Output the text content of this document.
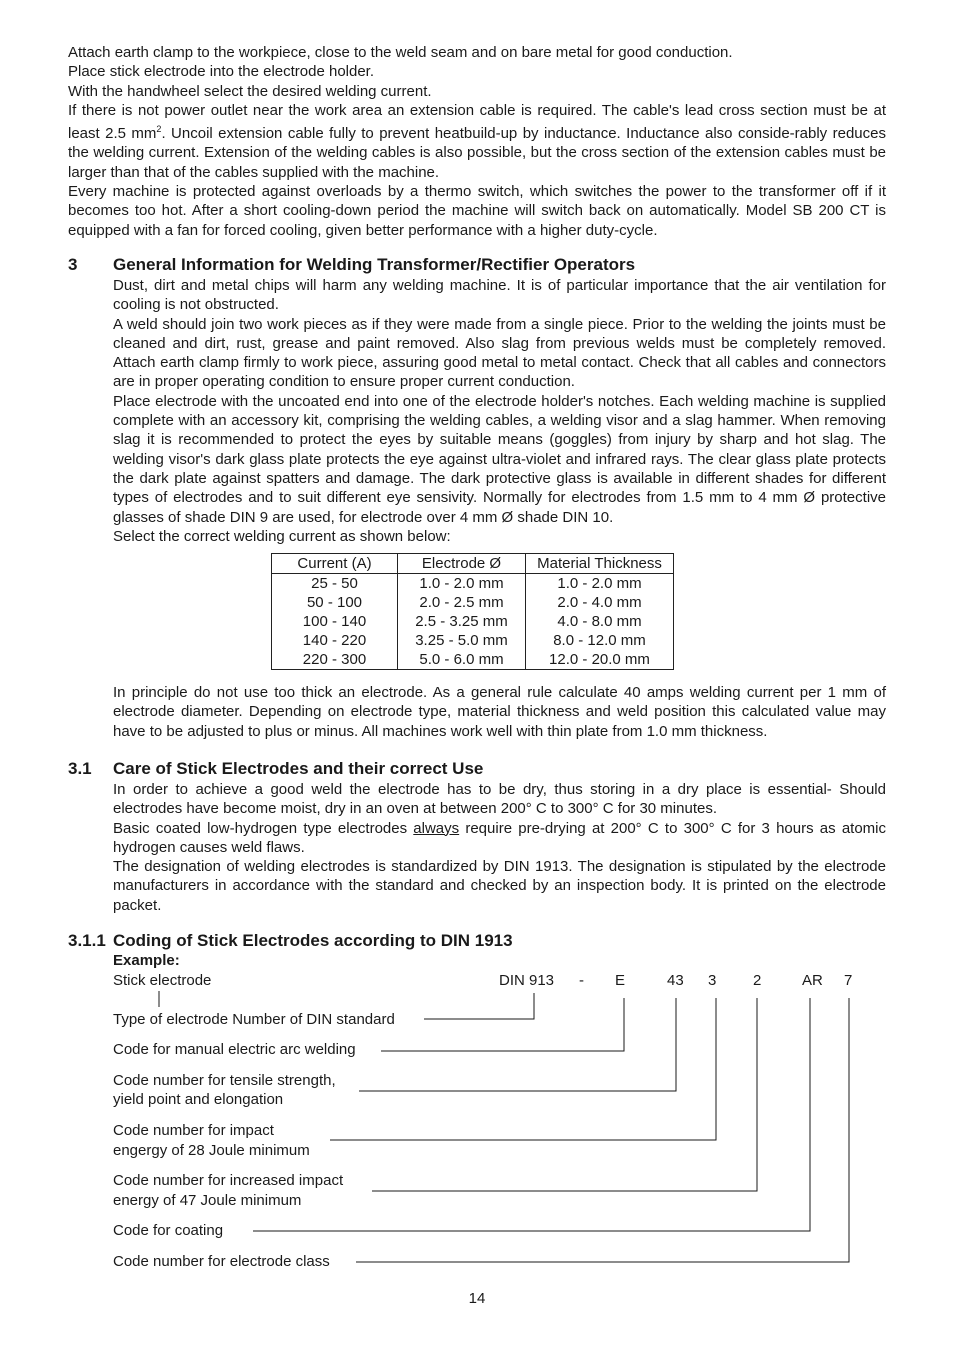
Attach earth clamp to the workpiece, close to the weld seam and on bare metal for good conduction.

Place stick electrode into the electrode holder.

With the handwheel select the desired welding current.

If there is not power outlet near the work area an extension cable is required. The cable's lead cross section must be at least 2.5 $mm^2$. Uncoil extension cable fully to prevent heatbuild-up by inductance. Inductance also conside-rably reduces the welding current. Extension of the welding cables is also possible, but the cross section of the extension cables must be larger than that of the cables supplied with the machine.

Every machine is protected against overloads by a thermo switch, which switches the power to the transformer off if it becomes too hot. After a short cooling-down period the machine will switch back on automatically. Model SB 200 CT is equipped with a fan for forced cooling, given better performance with a higher duty-cycle.

3	General Information for Welding Transformer/Rectifier Operators

Dust, dirt and metal chips will harm any welding machine. It is of particular importance that the air ventilation for cooling is not obstructed.

A weld should join two work pieces as if they were made from a single piece. Prior to the welding the joints must be cleaned and dirt, rust, grease and paint removed. Also slag from previous welds must be completely removed. Attach earth clamp firmly to work piece, assuring good metal to metal contact. Check that all cables and connectors are in proper operating condition to ensure proper current conduction.

Place electrode with the uncoated end into one of the electrode holder's notches. Each welding machine is supplied complete with an accessory kit, comprising the welding cables, a welding visor and a slag hammer. When removing slag it is recommended to protect the eyes by suitable means (goggles) from injury by sharp and hot slag. The welding visor's dark glass plate protects the eye against ultra-violet and infrared rays. The clear glass plate protects the dark plate against spatters and damage. The dark protective glass is available in different shades for different types of electrodes and to suit different eye sensivity. Normally for electrodes from 1.5 mm to 4 mm Ø protective glasses of shade DIN 9 are used, for electrode over 4 mm Ø shade DIN 10.

Select the correct welding current as shown below:

Current (A)	Electrode Ø	Material Thickness
25 - 50	1.0 - 2.0 mm	1.0 - 2.0 mm
50 - 100	2.0 - 2.5 mm	2.0 - 4.0 mm
100 - 140	2.5 - 3.25 mm	4.0 - 8.0 mm
140 - 220	3.25 - 5.0 mm	8.0 - 12.0 mm
220 - 300	5.0 - 6.0 mm	12.0 - 20.0 mm

In principle do not use too thick an electrode. As a general rule calculate 40 amps welding current per 1 mm of electrode diameter. Depending on electrode type, material thickness and weld position this calculated value may have to be adjusted to plus or minus. All machines work well with thin plate from 1.0 mm thickness.

3.1	Care of Stick Electrodes and their correct Use

In order to achieve a good weld the electrode has to be dry, thus storing in a dry place is essential- Should electrodes have become moist, dry in an oven at between 200° C to 300° C for 30 minutes.

Basic coated low-hydrogen type electrodes always require pre-drying at 200° C to 300° C for 3 hours as atomic hydrogen causes weld flaws.

The designation of welding electrodes is standardized by DIN 1913. The designation is stipulated by the electrode manufacturers in accordance with the standard and checked by an inspection body. It is printed on the electrode packet.

3.1.1 Coding of Stick Electrodes according to DIN 1913
Example:
Stick electrode	DIN 913 - E	43 3 2	AR 7
Type of electrode Number of DIN standard
Code for manual electric arc welding
Code number for tensile strength,
yield point and elongation
Code number for impact
engergy of 28 Joule minimum
Code number for increased impact
energy of 47 Joule minimum
Code for coating
Code number for electrode class
14
